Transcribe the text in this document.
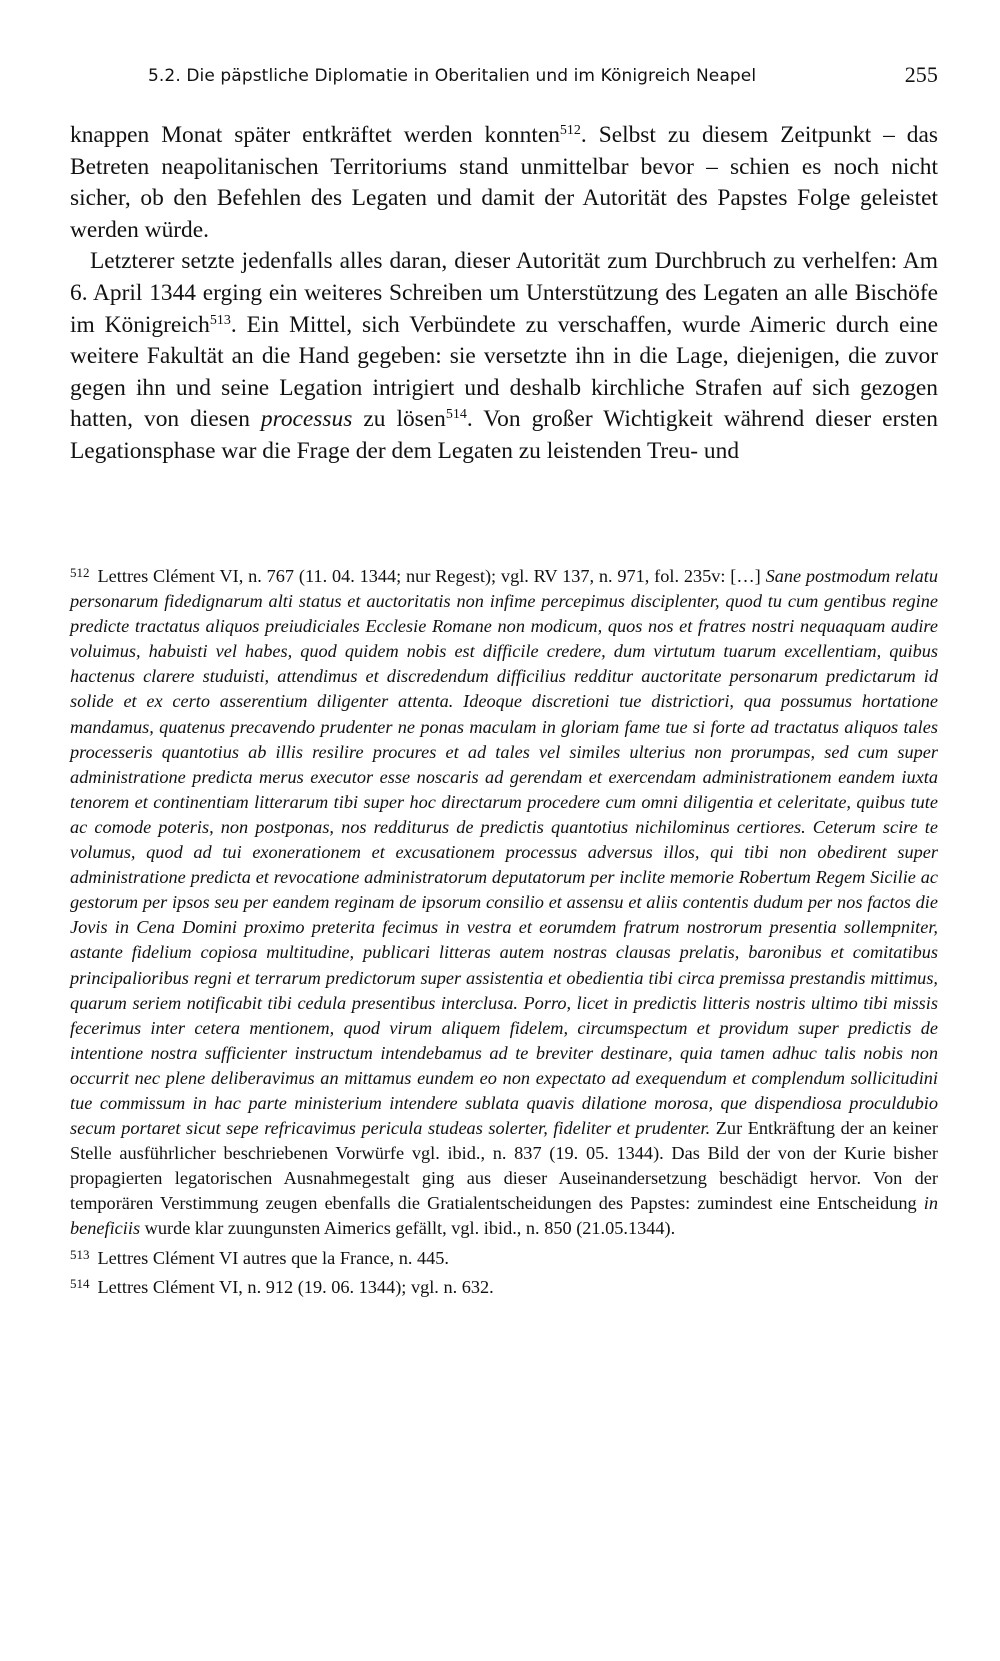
5.2. Die päpstliche Diplomatie in Oberitalien und im Königreich Neapel	255

knappen Monat später entkräftet werden konnten$^{512}$. Selbst zu diesem Zeitpunkt – das Betreten neapolitanischen Territoriums stand unmittelbar bevor – schien es noch nicht sicher, ob den Befehlen des Legaten und damit der Autorität des Papstes Folge geleistet werden würde.

Letzterer setzte jedenfalls alles daran, dieser Autorität zum Durchbruch zu verhelfen: Am 6. April 1344 erging ein weiteres Schreiben um Unterstützung des Legaten an alle Bischöfe im Königreich$^{513}$. Ein Mittel, sich Verbündete zu verschaffen, wurde Aimeric durch eine weitere Fakultät an die Hand gegeben: sie versetzte ihn in die Lage, diejenigen, die zuvor gegen ihn und seine Legation intrigiert und deshalb kirchliche Strafen auf sich gezogen hatten, von diesen processus zu lösen$^{514}$. Von großer Wichtigkeit während dieser ersten Legationsphase war die Frage der dem Legaten zu leistenden Treu- und

$^{512}$ Lettres Clément VI, n. 767 (11. 04. 1344; nur Regest); vgl. RV 137, n. 971, fol. 235v: […] Sane postmodum relatu personarum fidedignarum alti status et auctoritatis non infime percepimus disciplenter, quod tu cum gentibus regine predicte tractatus aliquos preiudiciales Ecclesie Romane non modicum, quos nos et fratres nostri nequaquam audire voluimus, habuisti vel habes, quod quidem nobis est difficile credere, dum virtutum tuarum excellentiam, quibus hactenus clarere studuisti, attendimus et discredendum difficilius redditur auctoritate personarum predictarum id solide et ex certo asserentium diligenter attenta. Ideoque discretioni tue districtiori, qua possumus hortatione mandamus, quatenus precavendo prudenter ne ponas maculam in gloriam fame tue si forte ad tractatus aliquos tales processeris quantotius ab illis resilire procures et ad tales vel similes ulterius non prorumpas, sed cum super administratione predicta merus executor esse noscaris ad gerendam et exercendam administrationem eandem iuxta tenorem et continentiam litterarum tibi super hoc directarum procedere cum omni diligentia et celeritate, quibus tute ac comode poteris, non postponas, nos redditurus de predictis quantotius nichilominus certiores. Ceterum scire te volumus, quod ad tui exonerationem et excusationem processus adversus illos, qui tibi non obedirent super administratione predicta et revocatione administratorum deputatorum per inclite memorie Robertum Regem Sicilie ac gestorum per ipsos seu per eandem reginam de ipsorum consilio et assensu et aliis contentis dudum per nos factos die Jovis in Cena Domini proximo preterita fecimus in vestra et eorumdem fratrum nostrorum presentia sollempniter, astante fidelium copiosa multitudine, publicari litteras autem nostras clausas prelatis, baronibus et comitatibus principalioribus regni et terrarum predictorum super assistentia et obedientia tibi circa premissa prestandis mittimus, quarum seriem notificabit tibi cedula presentibus interclusa. Porro, licet in predictis litteris nostris ultimo tibi missis fecerimus inter cetera mentionem, quod virum aliquem fidelem, circumspectum et providum super predictis de intentione nostra sufficienter instructum intendebamus ad te breviter destinare, quia tamen adhuc talis nobis non occurrit nec plene deliberavimus an mittamus eundem eo non expectato ad exequendum et complendum sollicitudini tue commissum in hac parte ministerium intendere sublata quavis dilatione morosa, que dispendiosa proculdubio secum portaret sicut sepe refricavimus pericula studeas solerter, fideliter et prudenter. Zur Entkräftung der an keiner Stelle ausführlicher beschriebenen Vorwürfe vgl. ibid., n. 837 (19. 05. 1344). Das Bild der von der Kurie bisher propagierten legatorischen Ausnahmegestalt ging aus dieser Auseinandersetzung beschädigt hervor. Von der temporären Verstimmung zeugen ebenfalls die Gratialentscheidungen des Papstes: zumindest eine Entscheidung in beneficiis wurde klar zuungunsten Aimerics gefällt, vgl. ibid., n. 850 (21.05.1344).

$^{513}$ Lettres Clément VI autres que la France, n. 445.

$^{514}$ Lettres Clément VI, n. 912 (19. 06. 1344); vgl. n. 632.
